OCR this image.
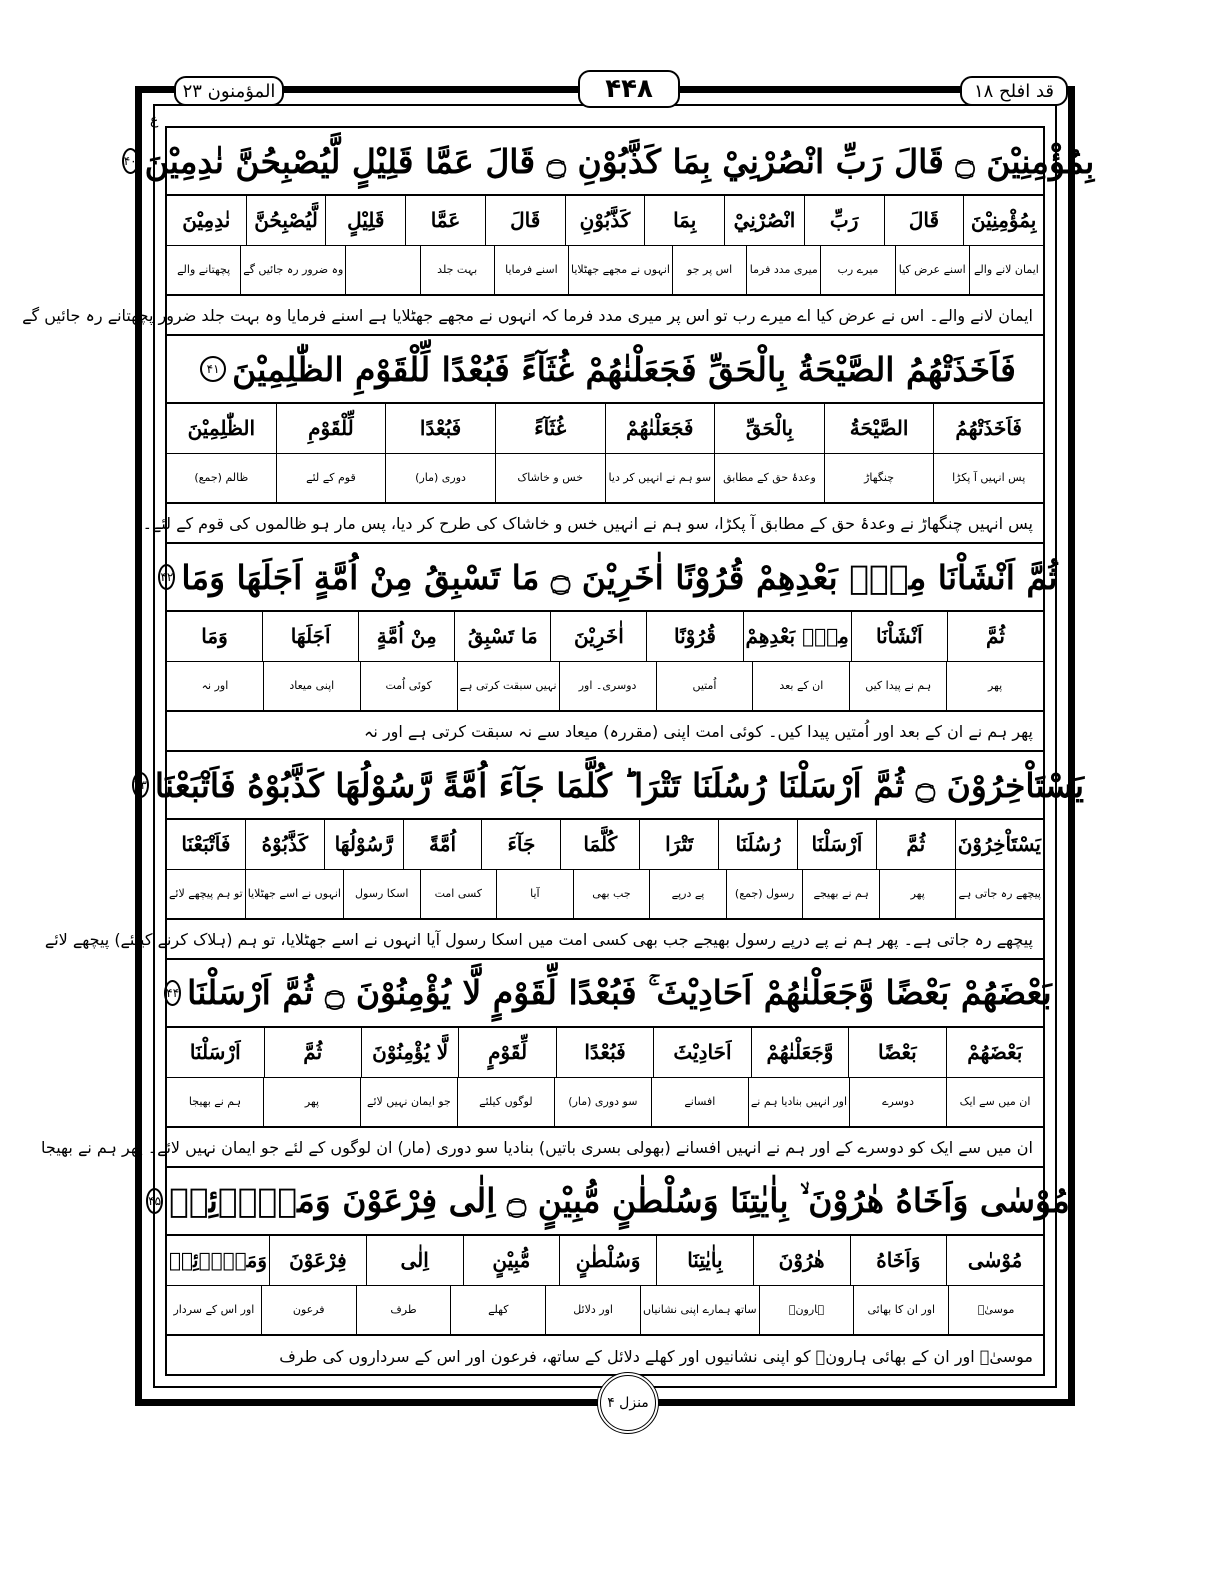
المؤمنون ۲۳	۴۴۸	قد افلح ۱۸
ع
بِمُؤْمِنِيْنَ ۝ قَالَ رَبِّ انْصُرْنِيْ بِمَا كَذَّبُوْنِ ۝ قَالَ عَمَّا قَلِيْلٍ لَّيُصْبِحُنَّ نٰدِمِيْنَ
۴۰
بِمُؤْمِنِيْنَ
قَالَ
رَبِّ
انْصُرْنِيْ
بِمَا
كَذَّبُوْنِ
قَالَ
عَمَّا
قَلِيْلٍ
لَّيُصْبِحُنَّ
نٰدِمِيْنَ
ایمان لانے والے
اسنے عرض کیا
میرے رب
میری مدد فرما
اس پر جو
انہوں نے مجھے جھٹلایا
اسنے فرمایا
بہت جلد
وہ ضرور رہ جائیں گے
پچھتانے والے
ایمان لانے والے۔ اس نے عرض کیا اے میرے رب تو اس پر میری مدد فرما کہ انہوں نے مجھے جھٹلایا ہے اسنے فرمایا وہ بہت جلد ضرور پچھتانے رہ جائیں گے
فَاَخَذَتْهُمُ الصَّيْحَةُ بِالْحَقِّ فَجَعَلْنٰهُمْ غُثَآءً فَبُعْدًا لِّلْقَوْمِ الظّٰلِمِيْنَ
۴۱
فَاَخَذَتْهُمُ
الصَّيْحَةُ
بِالْحَقِّ
فَجَعَلْنٰهُمْ
غُثَآءً
فَبُعْدًا
لِّلْقَوْمِ
الظّٰلِمِيْنَ
پس انہیں آ پکڑا
چنگھاڑ
وعدۂ حق کے مطابق
سو ہم نے انہیں کر دیا
خس و خاشاک
دوری (مار)
قوم کے لئے
ظالم (جمع)
پس انہیں چنگھاڑ نے وعدۂ حق کے مطابق آ پکڑا، سو ہم نے انہیں خس و خاشاک کی طرح کر دیا، پس مار ہو ظالموں کی قوم کے لئے۔
ثُمَّ اَنْشَاْنَا مِنْۢ بَعْدِهِمْ قُرُوْنًا اٰخَرِيْنَ ۝ مَا تَسْبِقُ مِنْ اُمَّةٍ اَجَلَهَا وَمَا
۴۲
ثُمَّ
اَنْشَاْنَا
مِنْۢ بَعْدِهِمْ
قُرُوْنًا
اٰخَرِيْنَ
مَا تَسْبِقُ
مِنْ اُمَّةٍ
اَجَلَهَا
وَمَا
پھر
ہم نے پیدا کیں
ان کے بعد
اُمتیں
دوسری۔ اور
نہیں سبقت کرتی ہے
کوئی اُمت
اپنی میعاد
اور نہ
پھر ہم نے ان کے بعد اور اُمتیں پیدا کیں۔ کوئی امت اپنی (مقررہ) میعاد سے نہ سبقت کرتی ہے اور نہ
يَسْتَاْخِرُوْنَ ۝ ثُمَّ اَرْسَلْنَا رُسُلَنَا تَتْرَا ؕ كُلَّمَا جَآءَ اُمَّةً رَّسُوْلُهَا كَذَّبُوْهُ فَاَتْبَعْنَا
۴۳
يَسْتَاْخِرُوْنَ
ثُمَّ
اَرْسَلْنَا
رُسُلَنَا
تَتْرَا
كُلَّمَا
جَآءَ
اُمَّةً
رَّسُوْلُهَا
كَذَّبُوْهُ
فَاَتْبَعْنَا
پیچھے رہ جاتی ہے
پھر
ہم نے بھیجے
رسول (جمع)
پے درپے
جب بھی
آیا
کسی امت
اسکا رسول
انہوں نے اسے جھٹلایا
تو ہم پیچھے لائے
پیچھے رہ جاتی ہے۔ پھر ہم نے پے درپے رسول بھیجے جب بھی کسی امت میں اسکا رسول آیا انہوں نے اسے جھٹلایا، تو ہم (ہلاک کرنے کیلئے) پیچھے لائے
بَعْضَهُمْ بَعْضًا وَّجَعَلْنٰهُمْ اَحَادِيْثَ ۚ فَبُعْدًا لِّقَوْمٍ لَّا يُؤْمِنُوْنَ ۝ ثُمَّ اَرْسَلْنَا
۴۴
بَعْضَهُمْ
بَعْضًا
وَّجَعَلْنٰهُمْ
اَحَادِيْثَ
فَبُعْدًا
لِّقَوْمٍ
لَّا يُؤْمِنُوْنَ
ثُمَّ
اَرْسَلْنَا
ان میں سے ایک
دوسرے
اور انہیں بنادیا ہم نے
افسانے
سو دوری (مار)
لوگوں کیلئے
جو ایمان نہیں لائے
پھر
ہم نے بھیجا
ان میں سے ایک کو دوسرے کے اور ہم نے انہیں افسانے (بھولی بسری باتیں) بنادیا سو دوری (مار) ان لوگوں کے لئے جو ایمان نہیں لائے۔ پھر ہم نے بھیجا
مُوْسٰى وَاَخَاهُ هٰرُوْنَ ۙ بِاٰيٰتِنَا وَسُلْطٰنٍ مُّبِيْنٍ ۝ اِلٰى فِرْعَوْنَ وَمَلَا۟ئِهٖ
۴۵
مُوْسٰى
وَاَخَاهُ
هٰرُوْنَ
بِاٰيٰتِنَا
وَسُلْطٰنٍ
مُّبِيْنٍ
اِلٰى
فِرْعَوْنَ
وَمَلَا۟ئِهٖ
موسیٰؑ
اور ان کا بھائی
ہارونؑ
ساتھ ہمارے اپنی نشانیاں
اور دلائل
کھلے
طرف
فرعون
اور اس کے سردار
موسیٰؑ اور ان کے بھائی ہارونؑ کو اپنی نشانیوں اور کھلے دلائل کے ساتھ، فرعون اور اس کے سرداروں کی طرف
منزل ۴
